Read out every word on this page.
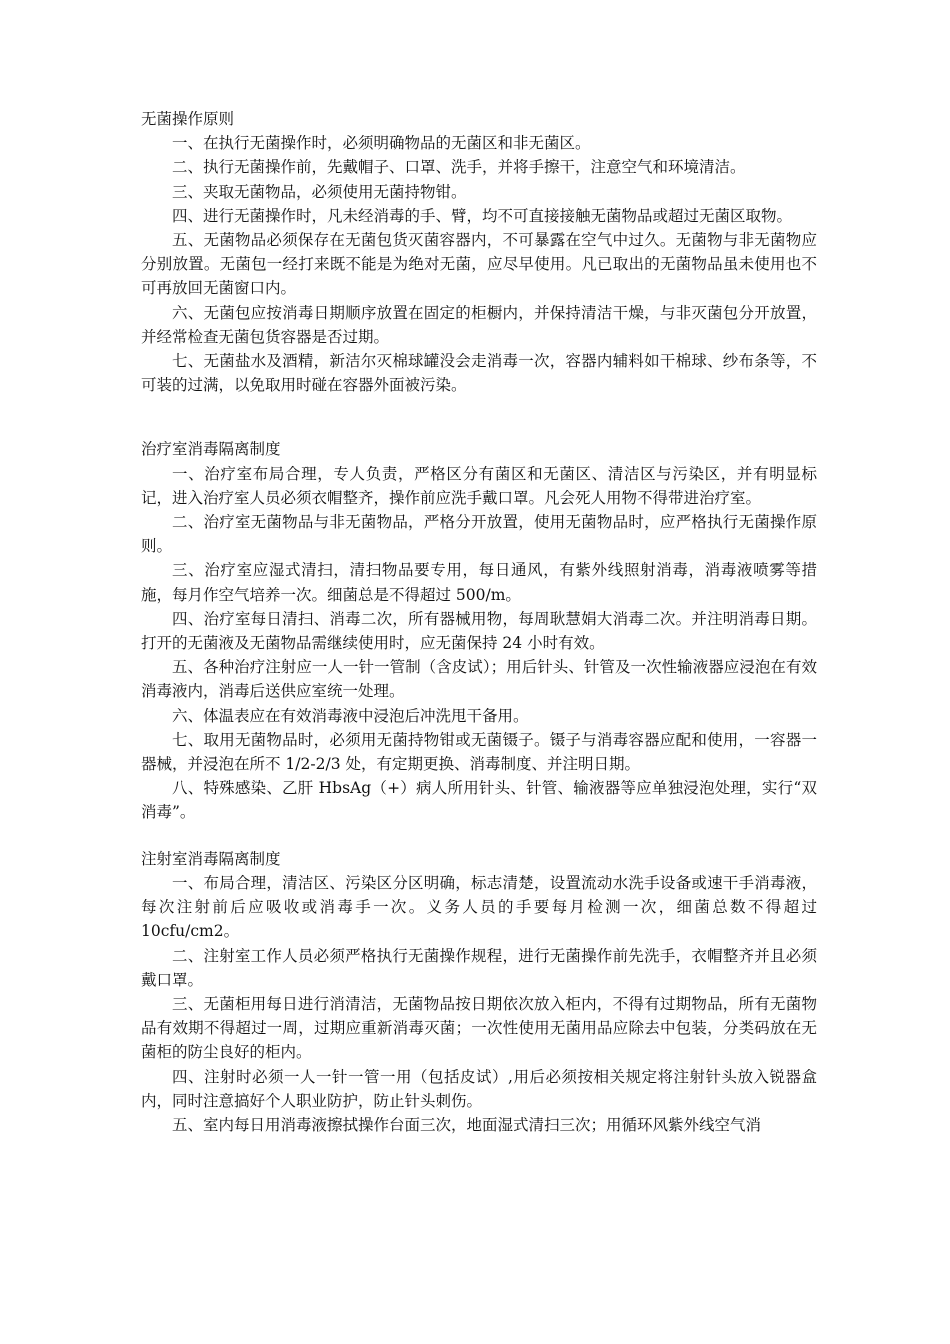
无菌操作原则

一、在执行无菌操作时，必须明确物品的无菌区和非无菌区。

二、执行无菌操作前，先戴帽子、口罩、洗手，并将手擦干，注意空气和环境清洁。

三、夹取无菌物品，必须使用无菌持物钳。

四、进行无菌操作时，凡未经消毒的手、臂，均不可直接接触无菌物品或超过无菌区取物。

五、无菌物品必须保存在无菌包货灭菌容器内，不可暴露在空气中过久。无菌物与非无菌物应分别放置。无菌包一经打来既不能是为绝对无菌，应尽早使用。凡已取出的无菌物品虽未使用也不可再放回无菌窗口内。

六、无菌包应按消毒日期顺序放置在固定的柜橱内，并保持清洁干燥，与非灭菌包分开放置，并经常检查无菌包货容器是否过期。

七、无菌盐水及酒精，新洁尔灭棉球罐没会走消毒一次，容器内辅料如干棉球、纱布条等，不可装的过满，以免取用时碰在容器外面被污染。

治疗室消毒隔离制度

一、治疗室布局合理，专人负责，严格区分有菌区和无菌区、清洁区与污染区，并有明显标记，进入治疗室人员必须衣帽整齐，操作前应洗手戴口罩。凡会死人用物不得带进治疗室。

二、治疗室无菌物品与非无菌物品，严格分开放置，使用无菌物品时，应严格执行无菌操作原则。

三、治疗室应湿式清扫，清扫物品要专用，每日通风，有紫外线照射消毒，消毒液喷雾等措施，每月作空气培养一次。细菌总是不得超过 500/m。

四、治疗室每日清扫、消毒二次，所有器械用物，每周耿慧娟大消毒二次。并注明消毒日期。打开的无菌液及无菌物品需继续使用时，应无菌保持 24 小时有效。

五、各种治疗注射应一人一针一管制（含皮试）；用后针头、针管及一次性输液器应浸泡在有效消毒液内，消毒后送供应室统一处理。

六、体温表应在有效消毒液中浸泡后冲洗甩干备用。

七、取用无菌物品时，必须用无菌持物钳或无菌镊子。镊子与消毒容器应配和使用，一容器一器械，并浸泡在所不 1/2-2/3 处，有定期更换、消毒制度、并注明日期。

八、特殊感染、乙肝 HbsAg（+）病人所用针头、针管、输液器等应单独浸泡处理，实行“双消毒”。

注射室消毒隔离制度

一、布局合理，清洁区、污染区分区明确，标志清楚，设置流动水洗手设备或速干手消毒液，每次注射前后应吸收或消毒手一次。义务人员的手要每月检测一次，细菌总数不得超过 10cfu/cm2。

二、注射室工作人员必须严格执行无菌操作规程，进行无菌操作前先洗手，衣帽整齐并且必须戴口罩。

三、无菌柜用每日进行消清洁，无菌物品按日期依次放入柜内，不得有过期物品，所有无菌物品有效期不得超过一周，过期应重新消毒灭菌；一次性使用无菌用品应除去中包装，分类码放在无菌柜的防尘良好的柜内。

四、注射时必须一人一针一管一用（包括皮试）,用后必须按相关规定将注射针头放入锐器盒内，同时注意搞好个人职业防护，防止针头刺伤。

五、室内每日用消毒液擦拭操作台面三次，地面湿式清扫三次；用循环风紫外线空气消
